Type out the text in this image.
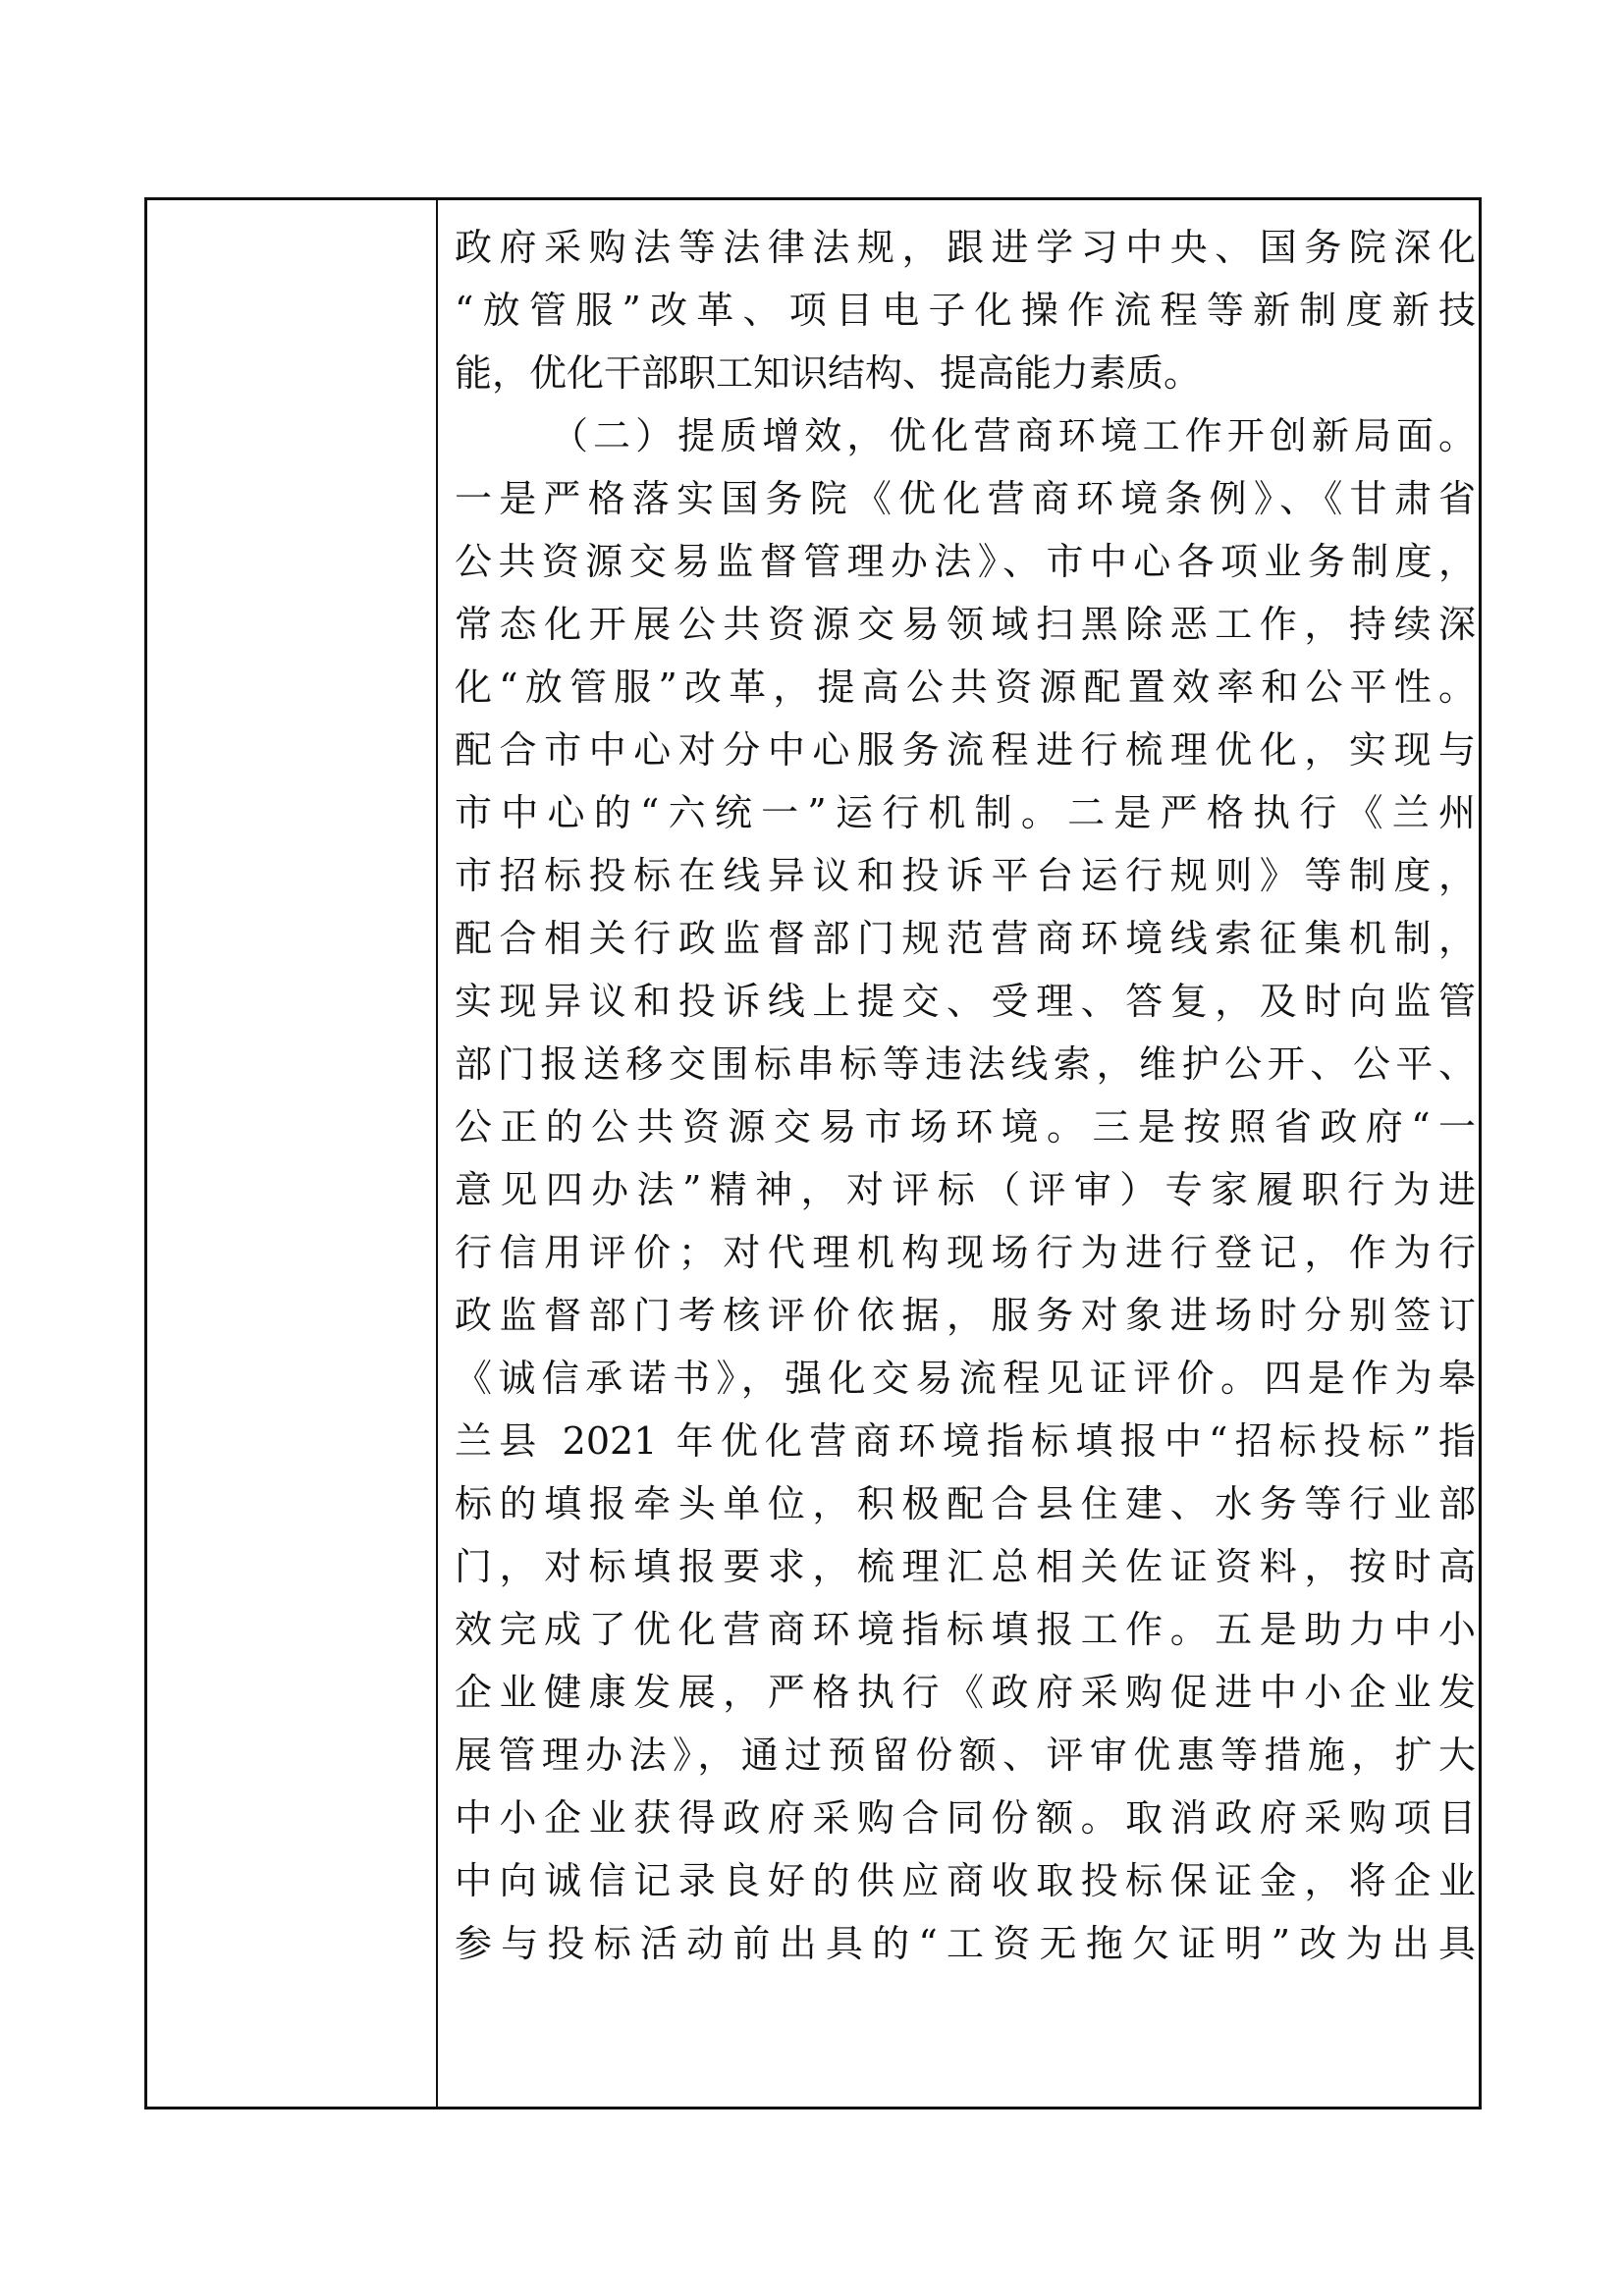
政府采购法等法律法规，跟进学习中央、国务院深化
“放管服”改革、项目电子化操作流程等新制度新技
能，优化干部职工知识结构、提高能力素质。
（二）提质增效，优化营商环境工作开创新局面。
一是严格落实国务院《优化营商环境条例》、《甘肃省
公共资源交易监督管理办法》、市中心各项业务制度，
常态化开展公共资源交易领域扫黑除恶工作，持续深
化“放管服”改革，提高公共资源配置效率和公平性。
配合市中心对分中心服务流程进行梳理优化，实现与
市中心的“六统一”运行机制。二是严格执行《兰州
市招标投标在线异议和投诉平台运行规则》等制度，
配合相关行政监督部门规范营商环境线索征集机制，
实现异议和投诉线上提交、受理、答复，及时向监管
部门报送移交围标串标等违法线索，维护公开、公平、
公正的公共资源交易市场环境。三是按照省政府“一
意见四办法”精神，对评标（评审）专家履职行为进
行信用评价；对代理机构现场行为进行登记，作为行
政监督部门考核评价依据，服务对象进场时分别签订
《诚信承诺书》，强化交易流程见证评价。四是作为皋
兰县 2021 年优化营商环境指标填报中“招标投标”指
标的填报牵头单位，积极配合县住建、水务等行业部
门，对标填报要求，梳理汇总相关佐证资料，按时高
效完成了优化营商环境指标填报工作。五是助力中小
企业健康发展，严格执行《政府采购促进中小企业发
展管理办法》，通过预留份额、评审优惠等措施，扩大
中小企业获得政府采购合同份额。取消政府采购项目
中向诚信记录良好的供应商收取投标保证金，将企业
参与投标活动前出具的“工资无拖欠证明”改为出具
